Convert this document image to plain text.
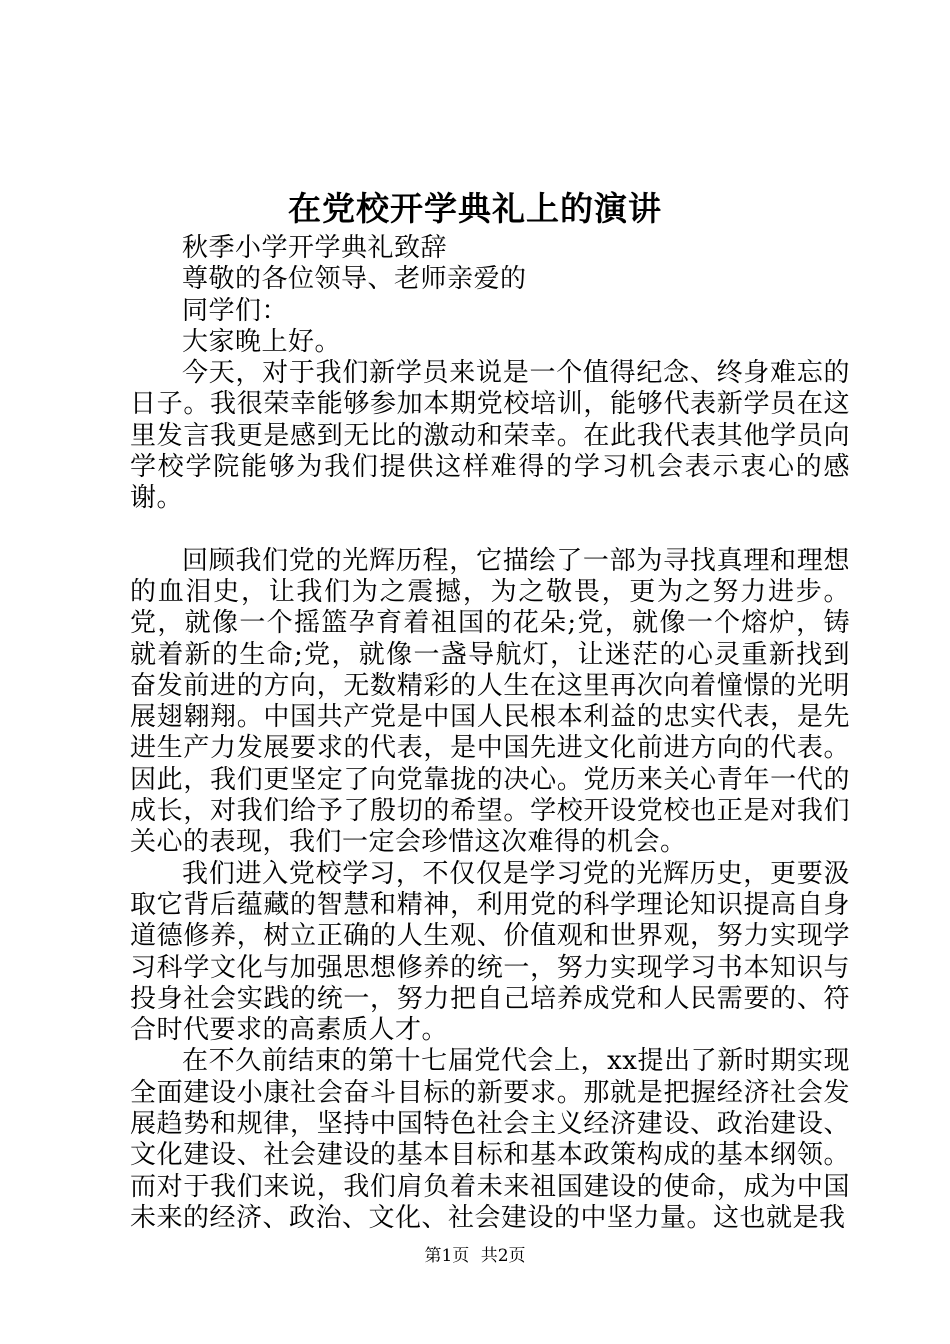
在党校开学典礼上的演讲

秋季小学开学典礼致辞

尊敬的各位领导、老师亲爱的

同学们：

大家晚上好。

今天，对于我们新学员来说是一个值得纪念、终身难忘的日子。我很荣幸能够参加本期党校培训，能够代表新学员在这里发言我更是感到无比的激动和荣幸。在此我代表其他学员向学校学院能够为我们提供这样难得的学习机会表示衷心的感谢。

回顾我们党的光辉历程，它描绘了一部为寻找真理和理想的血泪史，让我们为之震撼，为之敬畏，更为之努力进步。党，就像一个摇篮孕育着祖国的花朵;党，就像一个熔炉，铸就着新的生命;党，就像一盏导航灯，让迷茫的心灵重新找到奋发前进的方向，无数精彩的人生在这里再次向着憧憬的光明展翅翱翔。中国共产党是中国人民根本利益的忠实代表，是先进生产力发展要求的代表，是中国先进文化前进方向的代表。因此，我们更坚定了向党靠拢的决心。党历来关心青年一代的成长，对我们给予了殷切的希望。学校开设党校也正是对我们关心的表现，我们一定会珍惜这次难得的机会。

我们进入党校学习，不仅仅是学习党的光辉历史，更要汲取它背后蕴藏的智慧和精神，利用党的科学理论知识提高自身道德修养，树立正确的人生观、价值观和世界观，努力实现学习科学文化与加强思想修养的统一，努力实现学习书本知识与投身社会实践的统一，努力把自己培养成党和人民需要的、符合时代要求的高素质人才。

在不久前结束的第十七届党代会上，xx提出了新时期实现全面建设小康社会奋斗目标的新要求。那就是把握经济社会发展趋势和规律，坚持中国特色社会主义经济建设、政治建设、文化建设、社会建设的基本目标和基本政策构成的基本纲领。而对于我们来说，我们肩负着未来祖国建设的使命，成为中国未来的经济、政治、文化、社会建设的中坚力量。这也就是我

第1页 共2页
